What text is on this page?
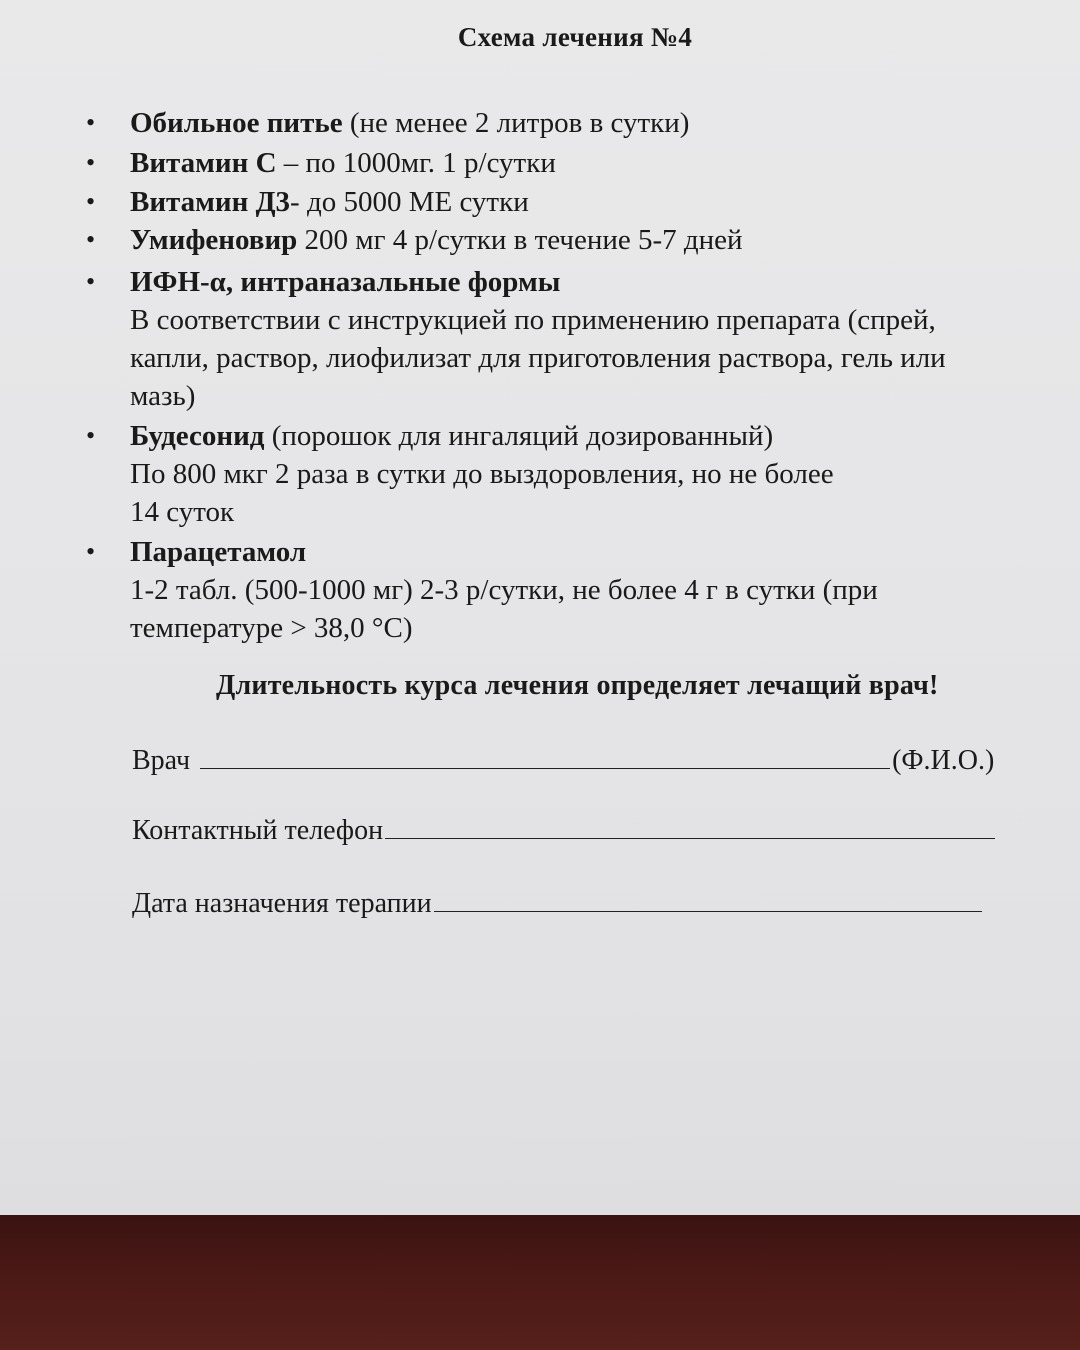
Схема лечения №4
• Обильное питье (не менее 2 литров в сутки)
• Витамин С – по 1000мг. 1 р/сутки
• Витамин Д3- до 5000 МЕ сутки
• Умифеновир 200 мг 4 р/сутки в течение 5-7 дней
• ИФН-α, интраназальные формы
В соответствии с инструкцией по применению препарата (спрей,
капли, раствор, лиофилизат для приготовления раствора, гель или
мазь)
• Будесонид (порошок для ингаляций дозированный)
По 800 мкг 2 раза в сутки до выздоровления, но не более
14 суток
• Парацетамол
1-2 табл. (500-1000 мг) 2-3 р/сутки, не более 4 г в сутки (при
температуре > 38,0 °С)
Длительность курса лечения определяет лечащий врач!
Врач	(Ф.И.О.)
Контактный телефон
Дата назначения терапии
